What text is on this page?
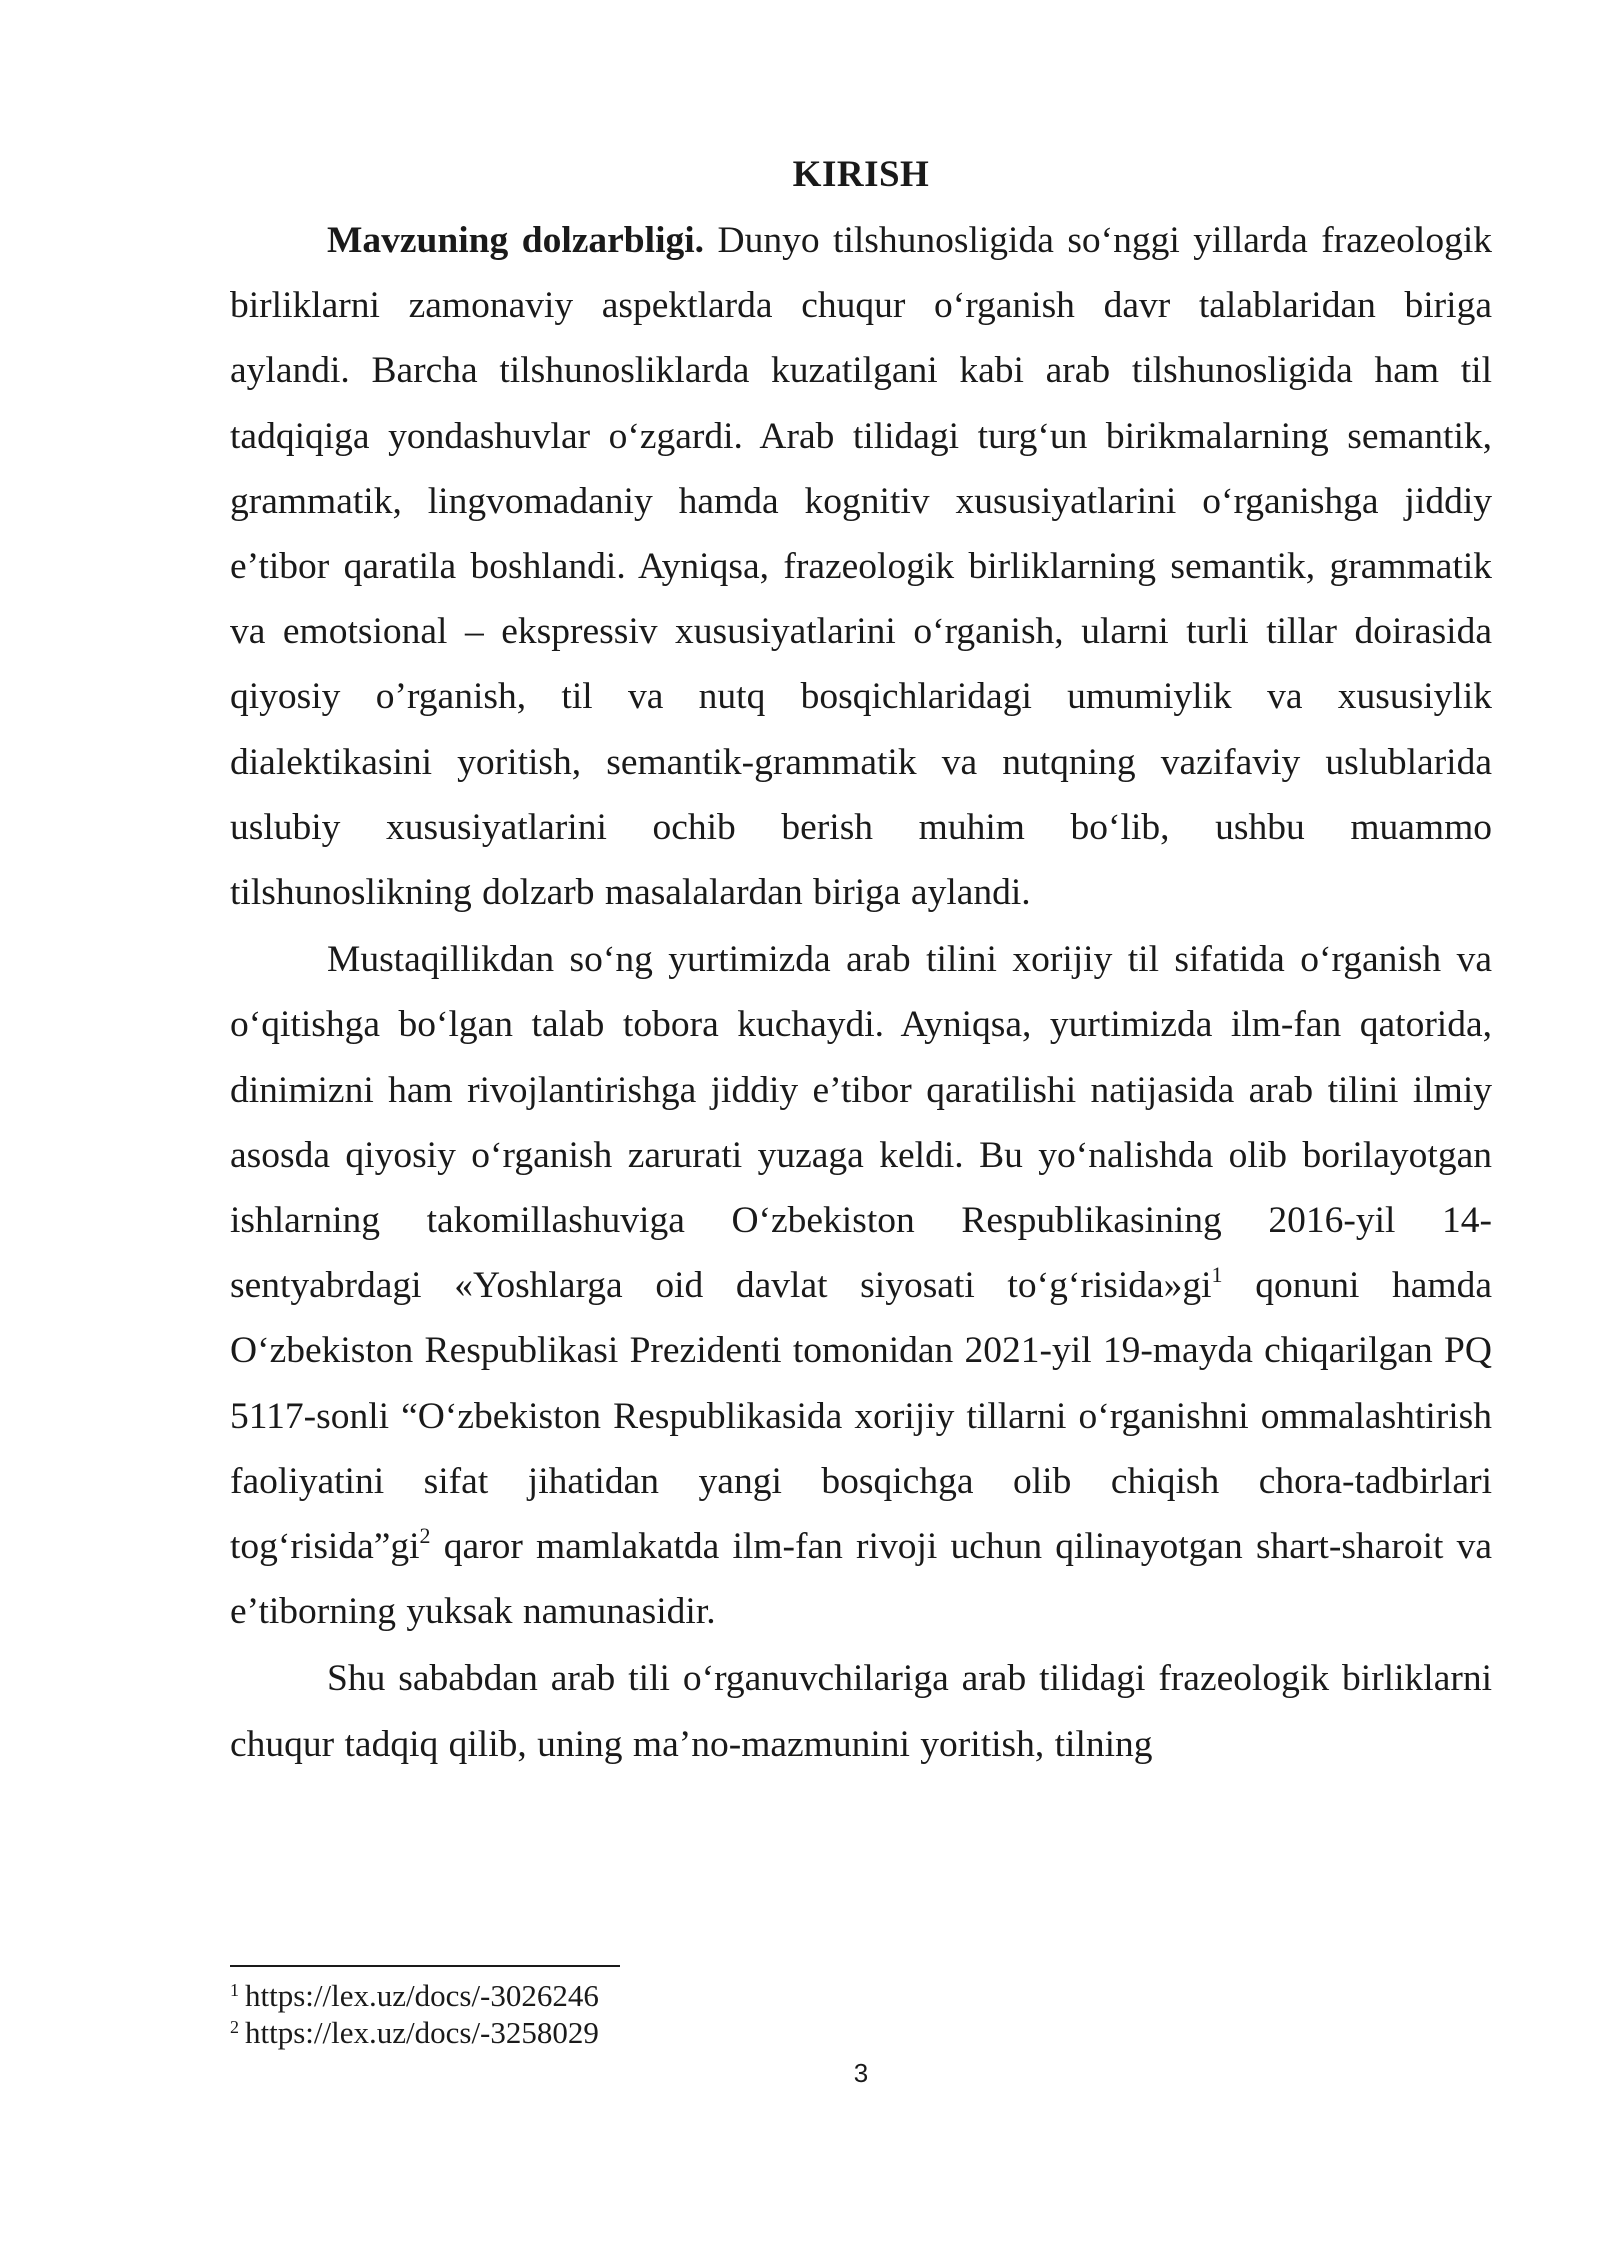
KIRISH

Mavzuning dolzarbligi. Dunyo tilshunosligida so‘nggi yillarda frazeologik birliklarni zamonaviy aspektlarda chuqur o‘rganish davr talablaridan biriga aylandi. Barcha tilshunosliklarda kuzatilgani kabi arab tilshunosligida ham til tadqiqiga yondashuvlar o‘zgardi. Arab tilidagi turg‘un birikmalarning semantik, grammatik, lingvomadaniy hamda kognitiv xususiyatlarini o‘rganishga jiddiy e’tibor qaratila boshlandi. Ayniqsa, frazeologik birliklarning semantik, grammatik va emotsional – ekspressiv xususiyatlarini o‘rganish, ularni turli tillar doirasida qiyosiy o’rganish, til va nutq bosqichlaridagi umumiylik va xususiylik dialektikasini yoritish, semantik-grammatik va nutqning vazifaviy uslublarida uslubiy xususiyatlarini ochib berish muhim bo‘lib, ushbu muammo tilshunoslikning dolzarb masalalardan biriga aylandi.

Mustaqillikdan so‘ng yurtimizda arab tilini xorijiy til sifatida o‘rganish va o‘qitishga bo‘lgan talab tobora kuchaydi. Ayniqsa, yurtimizda ilm-fan qatorida, dinimizni ham rivojlantirishga jiddiy e’tibor qaratilishi natijasida arab tilini ilmiy asosda qiyosiy o‘rganish zarurati yuzaga keldi. Bu yo‘nalishda olib borilayotgan ishlarning takomillashuviga O‘zbekiston Respublikasining 2016-yil 14-sentyabrdagi «Yoshlarga oid davlat siyosati $to‘g‘risida»gi^1$ qonuni hamda O‘zbekiston Respublikasi Prezidenti tomonidan 2021-yil 19-mayda chiqarilgan PQ 5117-sonli “O‘zbekiston Respublikasida xorijiy tillarni o‘rganishni ommalashtirish faoliyatini sifat jihatidan yangi bosqichga olib chiqish chora-tadbirlari $tog‘risida”gi^2$ qaror mamlakatda ilm-fan rivoji uchun qilinayotgan shart-sharoit va e’tiborning yuksak namunasidir.

Shu sababdan arab tili o‘rganuvchilariga arab tilidagi frazeologik birliklarni chuqur tadqiq qilib, uning ma’no-mazmunini yoritish, tilning

$^1$ https://lex.uz/docs/-3026246
$^2$ https://lex.uz/docs/-3258029
3
